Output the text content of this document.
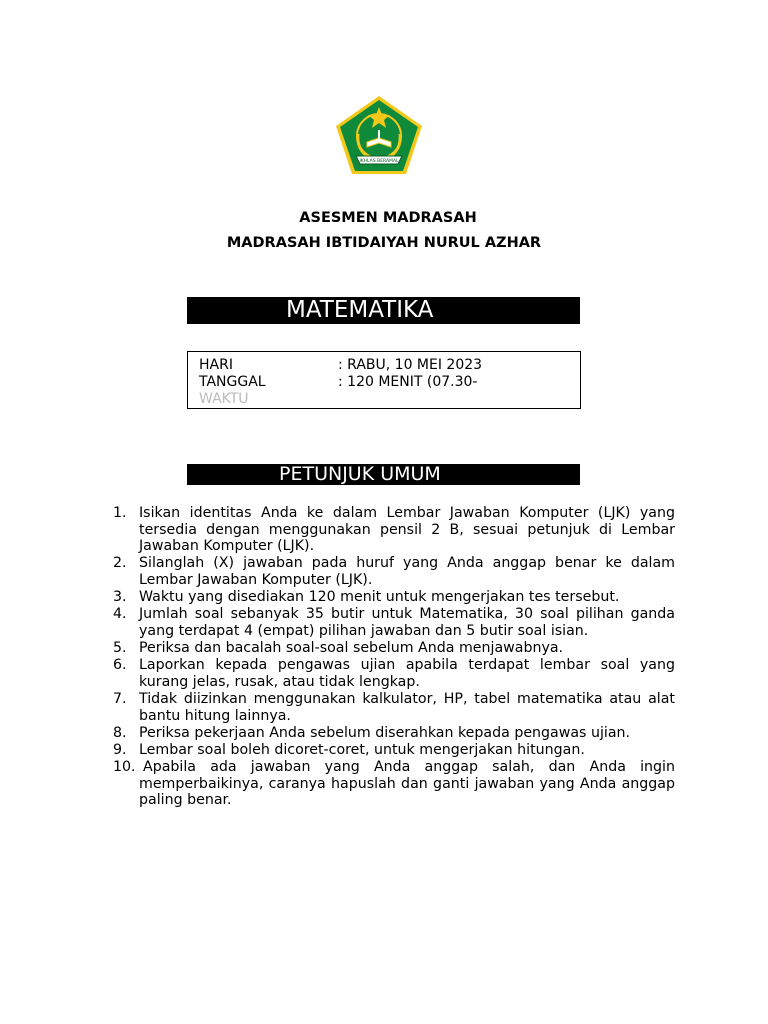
IKHLAS BERAMAL
ASESMEN MADRASAH
MADRASAH IBTIDAIYAH NURUL AZHAR
MATEMATIKA
HARI	: RABU, 10 MEI 2023
TANGGAL	: 120 MENIT (07.30-
WAKTU
PETUNJUK UMUM
1. Isikan identitas Anda ke dalam Lembar Jawaban Komputer (LJK) yang tersedia dengan menggunakan pensil 2 B, sesuai petunjuk di Lembar Jawaban Komputer (LJK).
2. Silanglah (X) jawaban pada huruf yang Anda anggap benar ke dalam Lembar Jawaban Komputer (LJK).
3. Waktu yang disediakan 120 menit untuk mengerjakan tes tersebut.
4. Jumlah soal sebanyak 35 butir untuk Matematika, 30 soal pilihan ganda yang terdapat 4 (empat) pilihan jawaban dan 5 butir soal isian.
5. Periksa dan bacalah soal-soal sebelum Anda menjawabnya.
6. Laporkan kepada pengawas ujian apabila terdapat lembar soal yang kurang jelas, rusak, atau tidak lengkap.
7. Tidak diizinkan menggunakan kalkulator, HP, tabel matematika atau alat bantu hitung lainnya.
8. Periksa pekerjaan Anda sebelum diserahkan kepada pengawas ujian.
9. Lembar soal boleh dicoret-coret, untuk mengerjakan hitungan.
10. Apabila ada jawaban yang Anda anggap salah, dan Anda ingin memperbaikinya, caranya hapuslah dan ganti jawaban yang Anda anggap paling benar.
